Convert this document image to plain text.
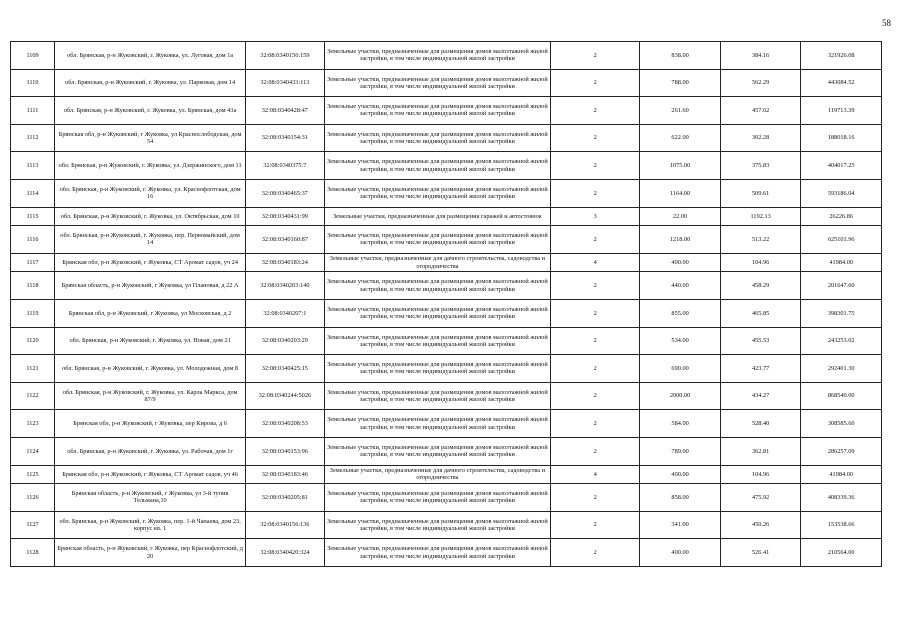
58
1109	обл. Брянская, р-н Жуковский, г. Жуковка, ул. Луговая, дом 1а	32:08:0340156:159	Земельные участки, предназначенные для размещения домов малоэтажной жилой застройки, в том числе индивидуальной жилой застройки	2	838.00	384.16	321926.08
1110	обл. Брянская, р-н Жуковский, г. Жуковка, ул. Парковая, дом 14	32:08:0340433:113	Земельные участки, предназначенные для размещения домов малоэтажной жилой застройки, в том числе индивидуальной жилой застройки	2	788.00	562.29	443084.52
1111	обл. Брянская, р-н Жуковский, г. Жуковка, ул. Брянская, дом 43а	32:08:0340428:47	Земельные участки, предназначенные для размещения домов малоэтажной жилой застройки, в том числе индивидуальной жилой застройки	2	261.60	457.62	119713.39
1112	Брянская обл, р-н Жуковский, г Жуковка, ул Краснослободская, дом 54	32:08:0340154:31	Земельные участки, предназначенные для размещения домов малоэтажной жилой застройки, в том числе индивидуальной жилой застройки	2	622.00	302.28	188018.16
1113	обл. Брянская, р-н Жуковский, г. Жуковка, ул. Дзержинского, дом 11	32:08:0340375:7	Земельные участки, предназначенные для размещения домов малоэтажной жилой застройки, в том числе индивидуальной жилой застройки	2	1075.00	375.83	404017.25
1114	обл. Брянская, р-н Жуковский, г. Жуковка, ул. Краснофлотская, дом 16	32:08:0340465:37	Земельные участки, предназначенные для размещения домов малоэтажной жилой застройки, в том числе индивидуальной жилой застройки	2	1164.00	509.61	593186.04
1115	обл. Брянская, р-н Жуковский, г. Жуковка, ул. Октябрьская, дом 10	32:08:0340431:99	Земельные участки, предназначенные для размещения гаражей и автостоянок	3	22.00	1192.13	26226.86
1116	обл. Брянская, р-н Жуковский, г. Жуковка, пер. Первомайский, дом 14	32:08:0340160:87	Земельные участки, предназначенные для размещения домов малоэтажной жилой застройки, в том числе индивидуальной жилой застройки	2	1218.00	513.22	625101.96
1117	Брянская обл, р-н Жуковский, г Жуковка, СТ Аромат садов, уч 24	32:08:0340183:24	Земельные участки, предназначенные для дачного строительства, садоводства и огородничества	4	400.00	104.96	41984.00
1118	Брянская область, р-н Жуковский, г Жуковка, ул Плановая, д 22 А	32:08:0340203:140	Земельные участки, предназначенные для размещения домов малоэтажной жилой застройки, в том числе индивидуальной жилой застройки	2	440.00	458.29	201647.60
1119	Брянская обл, р-н Жуковский, г Жуковка, ул Московская, д 2	32:08:0340207:1	Земельные участки, предназначенные для размещения домов малоэтажной жилой застройки, в том числе индивидуальной жилой застройки	2	855.00	465.85	398301.75
1120	обл. Брянская, р-н Жуковский, г. Жуковка, ул. Новая, дом 21	32:08:0340203:29	Земельные участки, предназначенные для размещения домов малоэтажной жилой застройки, в том числе индивидуальной жилой застройки	2	534.00	455.53	243253.02
1121	обл. Брянская, р-н Жуковский, г. Жуковка, ул. Молодежная, дом 8	32:08:0340425:15	Земельные участки, предназначенные для размещения домов малоэтажной жилой застройки, в том числе индивидуальной жилой застройки	2	690.00	423.77	292401.30
1122	обл. Брянская, р-н Жуковский, г. Жуковка, ул. Карла Маркса, дом 87/9	32:08:0340244:5026	Земельные участки, предназначенные для размещения домов малоэтажной жилой застройки, в том числе индивидуальной жилой застройки	2	2000.00	434.27	868540.00
1123	Брянская обл, р-н Жуковский, г Жуковка, пер Кирова, д 6	32:08:0340208:53	Земельные участки, предназначенные для размещения домов малоэтажной жилой застройки, в том числе индивидуальной жилой застройки	2	584.00	528.40	308585.60
1124	обл. Брянская, р-н Жуковский, г. Жуковка, ул. Рабочая, дом 1г	32:08:0340153:96	Земельные участки, предназначенные для размещения домов малоэтажной жилой застройки, в том числе индивидуальной жилой застройки	2	789.00	362.81	286257.09
1125	Брянская обл, р-н Жуковский, г Жуковка, СТ Аромат садов, уч 46	32:08:0340183:46	Земельные участки, предназначенные для дачного строительства, садоводства и огородничества	4	400.00	104.96	41984.00
1126	Брянская область, р-н Жуковский, г Жуковка, ул 3-й тупик Тельмана,10	32:08:0340205:81	Земельные участки, предназначенные для размещения домов малоэтажной жилой застройки, в том числе индивидуальной жилой застройки	2	858.00	475.92	408339.36
1127	обл. Брянская, р-н Жуковский, г. Жуковка, пер. 1-й Чапаева, дом 23, корпус кв. 1	32:08:0340156:136	Земельные участки, предназначенные для размещения домов малоэтажной жилой застройки, в том числе индивидуальной жилой застройки	2	341.00	450.26	153538.66
1128	Брянская область, р-н Жуковский, г Жуковка, пер Краснофлотский, д 20	32:08:0340420:324	Земельные участки, предназначенные для размещения домов малоэтажной жилой застройки, в том числе индивидуальной жилой застройки	2	400.00	526.41	210564.00
